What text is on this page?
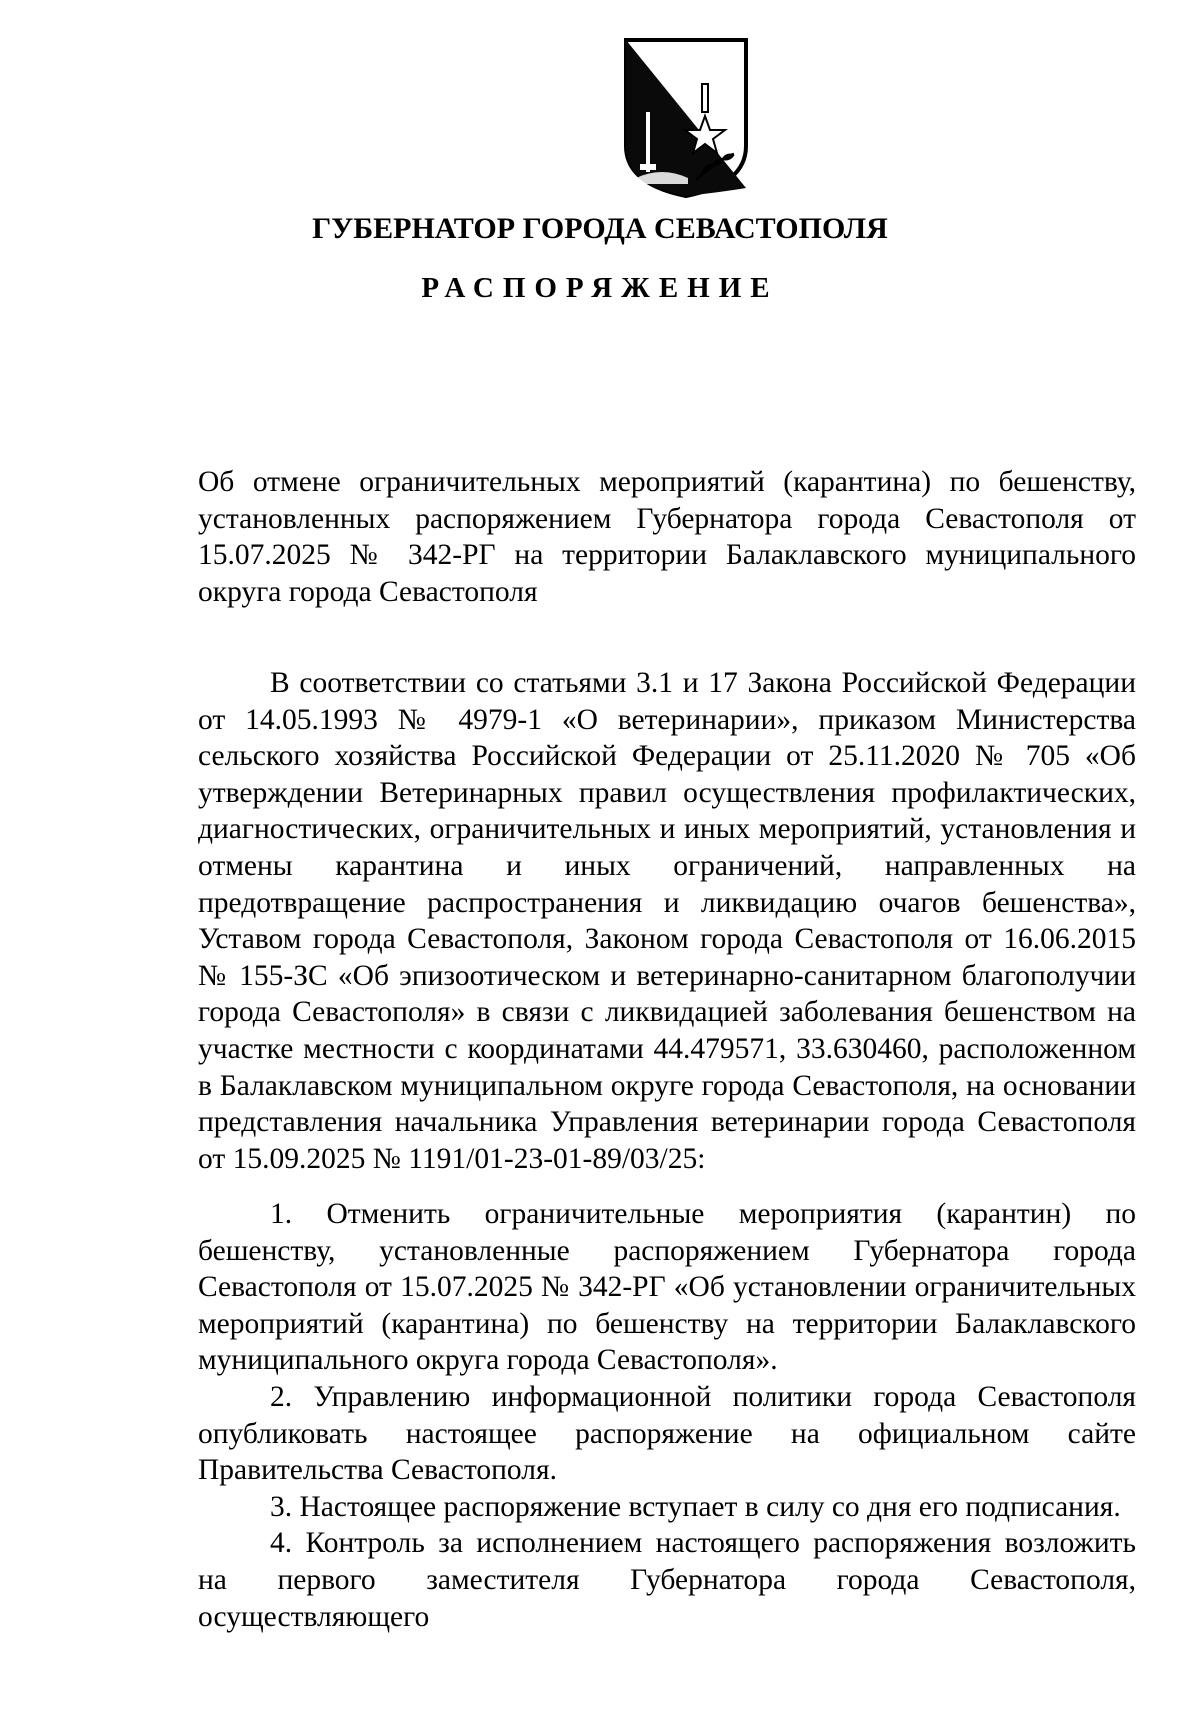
ГУБЕРНАТОР ГОРОДА СЕВАСТОПОЛЯ
РАСПОРЯЖЕНИЕ
Об отмене ограничительных мероприятий (карантина) по бешенству, установленных распоряжением Губернатора города Севастополя от 15.07.2025 № 342-РГ на территории Балаклавского муниципального округа города Севастополя
В соответствии со статьями 3.1 и 17 Закона Российской Федерации от 14.05.1993 № 4979-1 «О ветеринарии», приказом Министерства сельского хозяйства Российской Федерации от 25.11.2020 № 705 «Об утверждении Ветеринарных правил осуществления профилактических, диагностических, ограничительных и иных мероприятий, установления и отмены карантина и иных ограничений, направленных на предотвращение распространения и ликвидацию очагов бешенства», Уставом города Севастополя, Законом города Севастополя от 16.06.2015 № 155-ЗС «Об эпизоотическом и ветеринарно-санитарном благополучии города Севастополя» в связи с ликвидацией заболевания бешенством на участке местности с координатами 44.479571, 33.630460, расположенном в Балаклавском муниципальном округе города Севастополя, на основании представления начальника Управления ветеринарии города Севастополя от 15.09.2025 № 1191/01-23-01-89/03/25:

1. Отменить ограничительные мероприятия (карантин) по бешенству, установленные распоряжением Губернатора города Севастополя от 15.07.2025 № 342-РГ «Об установлении ограничительных мероприятий (карантина) по бешенству на территории Балаклавского муниципального округа города Севастополя».

2. Управлению информационной политики города Севастополя опубликовать настоящее распоряжение на официальном сайте Правительства Севастополя.

3. Настоящее распоряжение вступает в силу со дня его подписания.

4. Контроль за исполнением настоящего распоряжения возложить на первого заместителя Губернатора города Севастополя, осуществляющего
